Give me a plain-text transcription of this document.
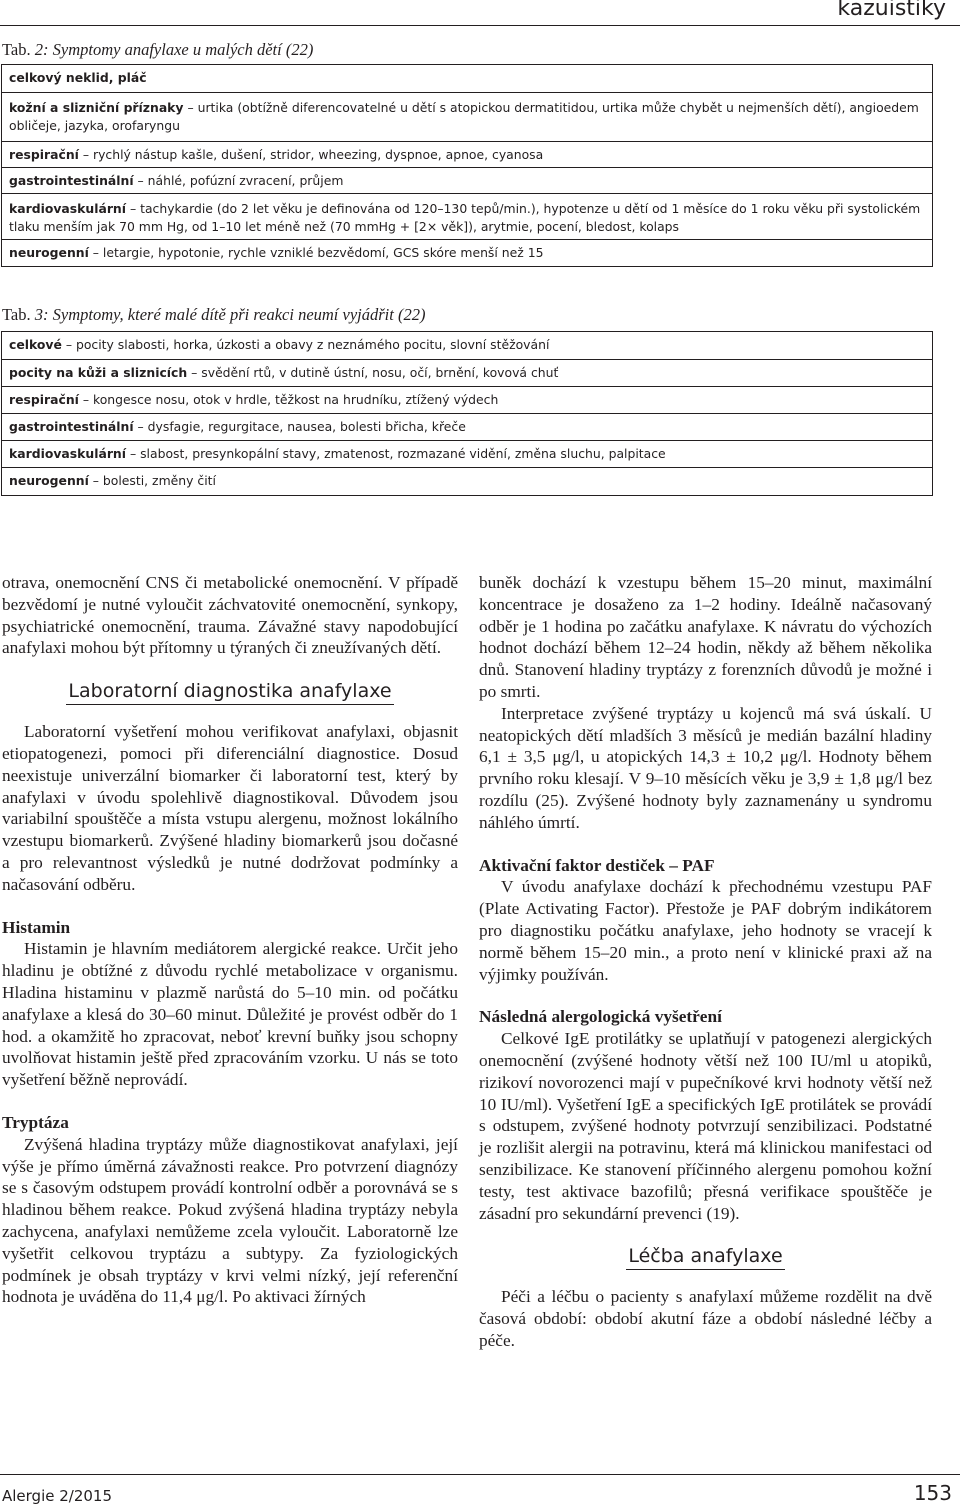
kazuistiky
Tab. 2: Symptomy anafylaxe u malých dětí (22)
celkový neklid, pláč
kožní a slizniční příznaky – urtika (obtížně diferencovatelné u dětí s atopickou dermatitidou, urtika může chybět u nejmenších dětí), angioedem obličeje, jazyka, orofaryngu
respirační – rychlý nástup kašle, dušení, stridor, wheezing, dyspnoe, apnoe, cyanosa
gastrointestinální – náhlé, pofúzní zvracení, průjem
kardiovaskulární – tachykardie (do 2 let věku je definována od 120–130 tepů/min.), hypotenze u dětí od 1 měsíce do 1 roku věku při systolickém tlaku menším jak 70 mm Hg, od 1–10 let méně než (70 mmHg + [2× věk]), arytmie, pocení, bledost, kolaps
neurogenní – letargie, hypotonie, rychle vzniklé bezvědomí, GCS skóre menší než 15
Tab. 3: Symptomy, které malé dítě při reakci neumí vyjádřit (22)
celkové – pocity slabosti, horka, úzkosti a obavy z neznámého pocitu, slovní stěžování
pocity na kůži a sliznicích – svědění rtů, v dutině ústní, nosu, očí, brnění, kovová chuť
respirační – kongesce nosu, otok v hrdle, těžkost na hrudníku, ztížený výdech
gastrointestinální – dysfagie, regurgitace, nausea, bolesti břicha, křeče
kardiovaskulární – slabost, presynkopální stavy, zmatenost, rozmazané vidění, změna sluchu, palpitace
neurogenní – bolesti, změny čití

otrava, onemocnění CNS či metabolické onemocnění. V případě bezvědomí je nutné vyloučit záchvatovité onemocnění, synkopy, psychiatrické onemocnění, trauma. Závažné stavy napodobující anafylaxi mohou být přítomny u týraných či zneužívaných dětí.

Laboratorní diagnostika anafylaxe

Laboratorní vyšetření mohou verifikovat anafylaxi, objasnit etiopatogenezi, pomoci při diferenciální diagnostice. Dosud neexistuje univerzální biomarker či laboratorní test, který by anafylaxi v úvodu spolehlivě diagnostikoval. Důvodem jsou variabilní spouštěče a místa vstupu alergenu, možnost lokálního vzestupu biomarkerů. Zvýšené hladiny biomarkerů jsou dočasné a pro relevantnost výsledků je nutné dodržovat podmínky a načasování odběru.

Histamin

Histamin je hlavním mediátorem alergické reakce. Určit jeho hladinu je obtížné z důvodu rychlé metabolizace v organismu. Hladina histaminu v plazmě narůstá do 5–10 min. od počátku anafylaxe a klesá do 30–60 minut. Důležité je provést odběr do 1 hod. a okamžitě ho zpracovat, neboť krevní buňky jsou schopny uvolňovat histamin ještě před zpracováním vzorku. U nás se toto vyšetření běžně neprovádí.

Tryptáza

Zvýšená hladina tryptázy může diagnostikovat anafylaxi, její výše je přímo úměrná závažnosti reakce. Pro potvrzení diagnózy se s časovým odstupem provádí kontrolní odběr a porovnává se s hladinou během reakce. Pokud zvýšená hladina tryptázy nebyla zachycena, anafylaxi nemůžeme zcela vyloučit. Laboratorně lze vyšetřit celkovou tryptázu a subtypy. Za fyziologických podmínek je obsah tryptázy v krvi velmi nízký, její referenční hodnota je uváděna do 11,4 μg/l. Po aktivaci žírných

buněk dochází k vzestupu během 15–20 minut, maximální koncentrace je dosaženo za 1–2 hodiny. Ideálně načasovaný odběr je 1 hodina po začátku anafylaxe. K návratu do výchozích hodnot dochází během 12–24 hodin, někdy až během několika dnů. Stanovení hladiny tryptázy z forenzních důvodů je možné i po smrti.

Interpretace zvýšené tryptázy u kojenců má svá úskalí. U neatopických dětí mladších 3 měsíců je medián bazální hladiny 6,1 ± 3,5 μg/l, u atopických 14,3 ± 10,2 μg/l. Hodnoty během prvního roku klesají. V 9–10 měsících věku je 3,9 ± 1,8 μg/l bez rozdílu (25). Zvýšené hodnoty byly zaznamenány u syndromu náhlého úmrtí.

Aktivační faktor destiček – PAF

V úvodu anafylaxe dochází k přechodnému vzestupu PAF (Plate Activating Factor). Přestože je PAF dobrým indikátorem pro diagnostiku počátku anafylaxe, jeho hodnoty se vracejí k normě během 15–20 min., a proto není v klinické praxi až na výjimky používán.

Následná alergologická vyšetření

Celkové IgE protilátky se uplatňují v patogenezi alergických onemocnění (zvýšené hodnoty větší než 100 IU/ml u atopiků, rizikoví novorozenci mají v pupečníkové krvi hodnoty větší než 10 IU/ml). Vyšetření IgE a specifických IgE protilátek se provádí s odstupem, zvýšené hodnoty potvrzují senzibilizaci. Podstatné je rozlišit alergii na potravinu, která má klinickou manifestaci od senzibilizace. Ke stanovení příčinného alergenu pomohou kožní testy, test aktivace bazofilů; přesná verifikace spouštěče je zásadní pro sekundární prevenci (19).

Léčba anafylaxe

Péči a léčbu o pacienty s anafylaxí můžeme rozdělit na dvě časová období: období akutní fáze a období následné léčby a péče.

Alergie 2/2015	153
